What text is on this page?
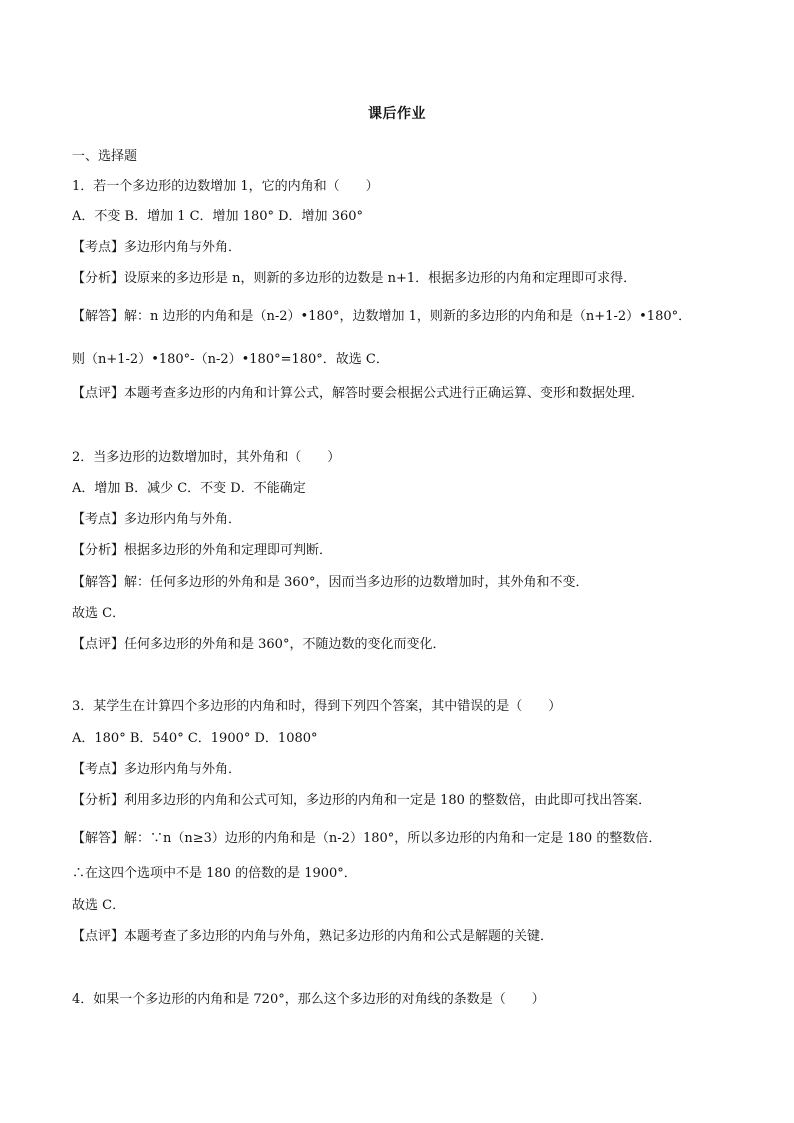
课后作业
一、选择题
1．若一个多边形的边数增加 1，它的内角和（　　）
A．不变 B．增加 1 C．增加 180° D．增加 360°
【考点】多边形内角与外角．
【分析】设原来的多边形是 n，则新的多边形的边数是 n+1．根据多边形的内角和定理即可求得．
【解答】解：n 边形的内角和是（n-2）•180°，边数增加 1，则新的多边形的内角和是（n+1-2）•180°．
则（n+1-2）•180°-（n-2）•180°=180°．故选 C．
【点评】本题考查多边形的内角和计算公式，解答时要会根据公式进行正确运算、变形和数据处理．
2．当多边形的边数增加时，其外角和（　　）
A．增加 B．减少 C．不变 D．不能确定
【考点】多边形内角与外角．
【分析】根据多边形的外角和定理即可判断．
【解答】解：任何多边形的外角和是 360°，因而当多边形的边数增加时，其外角和不变．
故选 C．
【点评】任何多边形的外角和是 360°，不随边数的变化而变化．
3．某学生在计算四个多边形的内角和时，得到下列四个答案，其中错误的是（　　）
A．180° B．540° C．1900° D．1080°
【考点】多边形内角与外角．
【分析】利用多边形的内角和公式可知，多边形的内角和一定是 180 的整数倍，由此即可找出答案．
【解答】解：∵n（n≥3）边形的内角和是（n-2）180°，所以多边形的内角和一定是 180 的整数倍．
∴在这四个选项中不是 180 的倍数的是 1900°．
故选 C．
【点评】本题考查了多边形的内角与外角，熟记多边形的内角和公式是解题的关键．
4．如果一个多边形的内角和是 720°，那么这个多边形的对角线的条数是（　　）
